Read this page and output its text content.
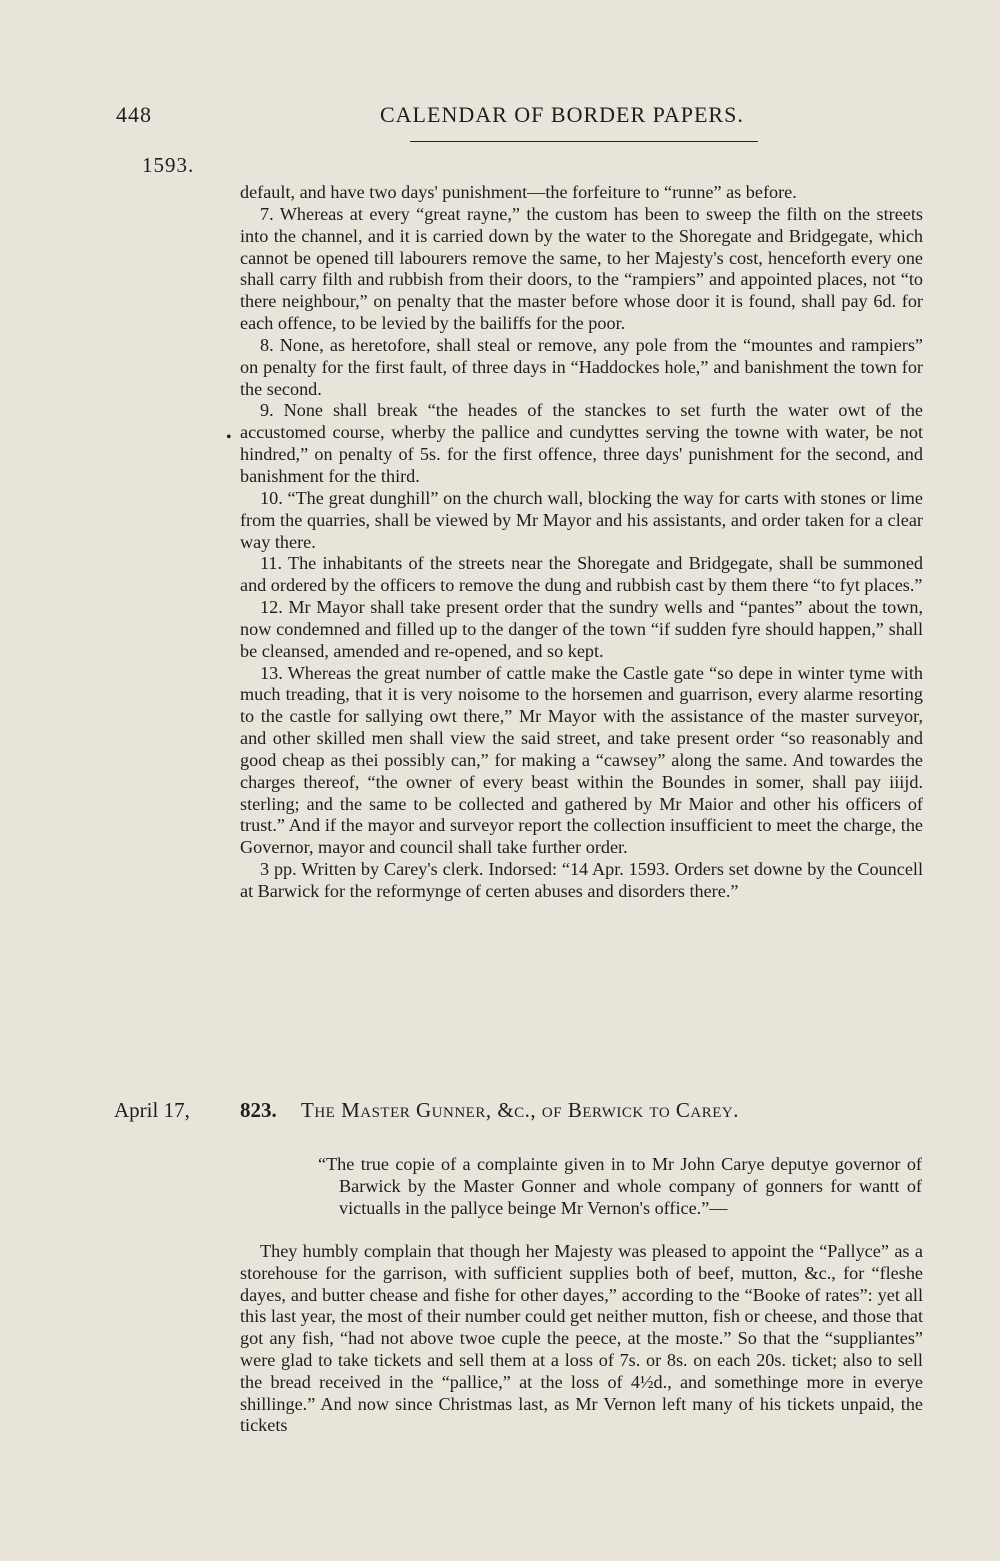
448	CALENDAR OF BORDER PAPERS.
1593.

default, and have two days' punishment—the forfeiture to “runne” as before.

7. Whereas at every “great rayne,” the custom has been to sweep the filth on the streets into the channel, and it is carried down by the water to the Shoregate and Bridgegate, which cannot be opened till labourers remove the same, to her Majesty's cost, henceforth every one shall carry filth and rubbish from their doors, to the “rampiers” and appointed places, not “to there neighbour,” on penalty that the master before whose door it is found, shall pay 6d. for each offence, to be levied by the bailiffs for the poor.

8. None, as heretofore, shall steal or remove, any pole from the “mountes and rampiers” on penalty for the first fault, of three days in “Haddockes hole,” and banishment the town for the second.

9. None shall break “the heades of the stanckes to set furth the water owt of the accustomed course, wherby the pallice and cundyttes serving the towne with water, be not hindred,” on penalty of 5s. for the first offence, three days' punishment for the second, and banishment for the third.

10. “The great dunghill” on the church wall, blocking the way for carts with stones or lime from the quarries, shall be viewed by Mr Mayor and his assistants, and order taken for a clear way there.

11. The inhabitants of the streets near the Shoregate and Bridgegate, shall be summoned and ordered by the officers to remove the dung and rubbish cast by them there “to fyt places.”

12. Mr Mayor shall take present order that the sundry wells and “pantes” about the town, now condemned and filled up to the danger of the town “if sudden fyre should happen,” shall be cleansed, amended and re-opened, and so kept.

13. Whereas the great number of cattle make the Castle gate “so depe in winter tyme with much treading, that it is very noisome to the horsemen and guarrison, every alarme resorting to the castle for sallying owt there,” Mr Mayor with the assistance of the master surveyor, and other skilled men shall view the said street, and take present order “so reasonably and good cheap as thei possibly can,” for making a “cawsey” along the same. And towardes the charges thereof, “the owner of every beast within the Boundes in somer, shall pay iiijd. sterling; and the same to be collected and gathered by Mr Maior and other his officers of trust.” And if the mayor and surveyor report the collection insufficient to meet the charge, the Governor, mayor and council shall take further order.

3 pp. Written by Carey's clerk. Indorsed: “14 Apr. 1593. Orders set downe by the Councell at Barwick for the reformynge of certen abuses and disorders there.”

•
April 17, 823. The Master Gunner, &c., of Berwick to Carey.

“The true copie of a complainte given in to Mr John Carye deputye governor of Barwick by the Master Gonner and whole company of gonners for wantt of victualls in the pallyce beinge Mr Vernon's office.”—

They humbly complain that though her Majesty was pleased to appoint the “Pallyce” as a storehouse for the garrison, with sufficient supplies both of beef, mutton, &c., for “fleshe dayes, and butter chease and fishe for other dayes,” according to the “Booke of rates”: yet all this last year, the most of their number could get neither mutton, fish or cheese, and those that got any fish, “had not above twoe cuple the peece, at the moste.” So that the “suppliantes” were glad to take tickets and sell them at a loss of 7s. or 8s. on each 20s. ticket; also to sell the bread received in the “pallice,” at the loss of 4½d., and somethinge more in everye shillinge.” And now since Christmas last, as Mr Vernon left many of his tickets unpaid, the tickets
